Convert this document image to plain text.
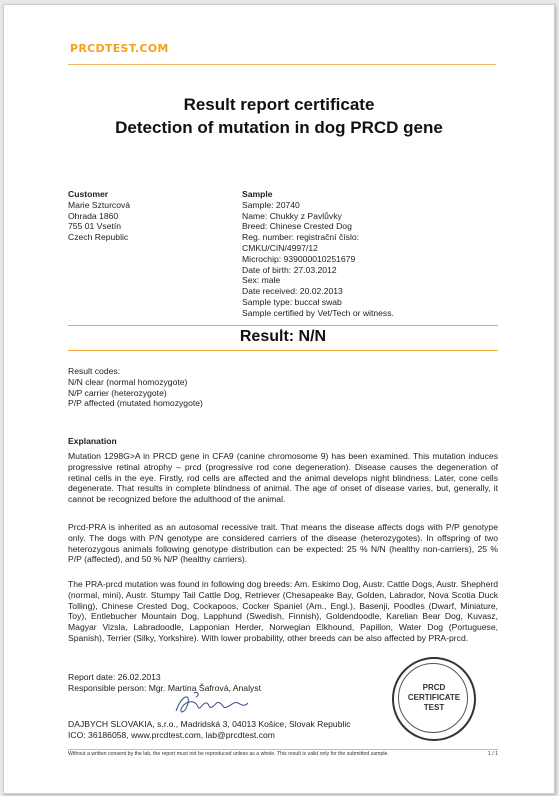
PRCDTEST.COM
Result report certificate
Detection of mutation in dog PRCD gene
Customer
Marie Szturcová
Ohrada 1860
755 01 Vsetín
Czech Republic
Sample
Sample: 20740
Name: Chukky z Pavlůvky
Breed: Chinese Crested Dog
Reg. number: registrační číslo:
CMKU/CIN/4997/12
Microchip: 939000010251679
Date of birth: 27.03.2012
Sex: male
Date received: 20.02.2013
Sample type: buccal swab
Sample certified by Vet/Tech or witness.
Result: N/N
Result codes:
N/N clear (normal homozygote)
N/P carrier (heterozygote)
P/P affected (mutated homozygote)
Explanation
Mutation 1298G>A in PRCD gene in CFA9 (canine chromosome 9) has been examined. This mutation induces progressive retinal atrophy – prcd (progressive rod cone degeneration). Disease causes the degeneration of retinal cells in the eye. Firstly, rod cells are affected and the animal develops night blindness. Later, cone cells degenerate. That results in complete blindness of animal. The age of onset of disease varies, but, generally, it cannot be recognized before the adulthood of the animal.
Prcd-PRA is inherited as an autosomal recessive trait. That means the disease affects dogs with P/P genotype only. The dogs with P/N genotype are considered carriers of the disease (heterozygotes). In offspring of two heterozygous animals following genotype distribution can be expected: 25 % N/N (healthy non-carriers), 25 % P/P (affected), and 50 % N/P (healthy carriers).
The PRA-prcd mutation was found in following dog breeds: Am. Eskimo Dog, Austr. Cattle Dogs, Austr. Shepherd (normal, mini), Austr. Stumpy Tail Cattle Dog, Retriever (Chesapeake Bay, Golden, Labrador, Nova Scotia Duck Tolling), Chinese Crested Dog, Cockapoos, Cocker Spaniel (Am., Engl.), Basenji, Poodles (Dwarf, Miniature, Toy), Entlebucher Mountain Dog, Lapphund (Swedish, Finnish), Goldendoodle, Karelian Bear Dog, Kuvasz, Magyar Vizsla, Labradoodle, Lapponian Herder, Norwegian Elkhound, Papillon, Water Dog (Portuguese, Spanish), Terrier (Silky, Yorkshire). With lower probability, other breeds can be also affected by PRA-prcd.
Report date: 26.02.2013
Responsible person: Mgr. Martina Šafrová, Analyst
DAJBYCH SLOVAKIA, s.r.o., Madridská 3, 04013 Košice, Slovak Republic
ICO: 36186058, www.prcdtest.com, lab@prcdtest.com
PRCD
CERTIFICATE
TEST
Without a written consent by the lab, the report must not be reproduced unless as a whole. This result is valid only for the submitted sample.	1 / 1
